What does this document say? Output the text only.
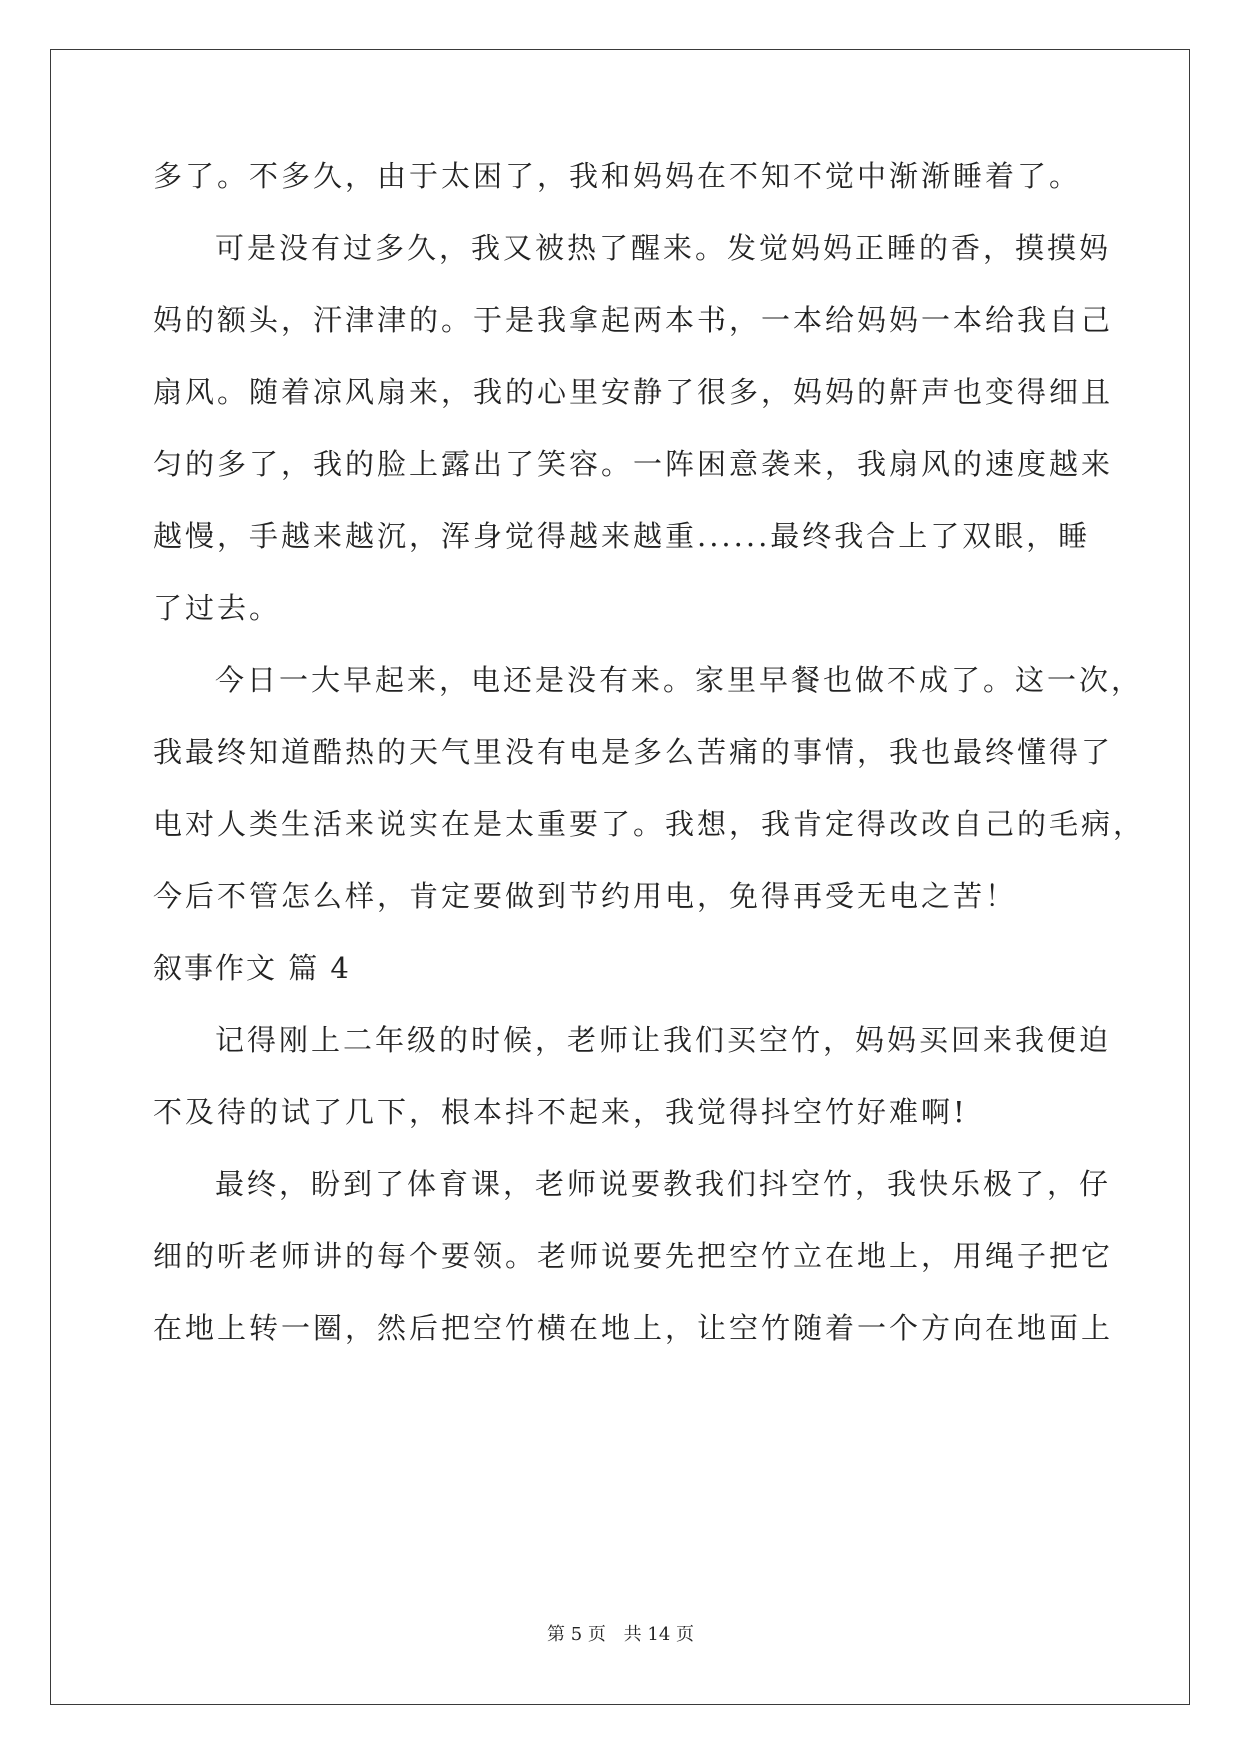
多了。不多久，由于太困了，我和妈妈在不知不觉中渐渐睡着了。
可是没有过多久，我又被热了醒来。发觉妈妈正睡的香，摸摸妈
妈的额头，汗津津的。于是我拿起两本书，一本给妈妈一本给我自己
扇风。随着凉风扇来，我的心里安静了很多，妈妈的鼾声也变得细且
匀的多了，我的脸上露出了笑容。一阵困意袭来，我扇风的速度越来
越慢，手越来越沉，浑身觉得越来越重......最终我合上了双眼，睡
了过去。
今日一大早起来，电还是没有来。家里早餐也做不成了。这一次，
我最终知道酷热的天气里没有电是多么苦痛的事情，我也最终懂得了
电对人类生活来说实在是太重要了。我想，我肯定得改改自己的毛病，
今后不管怎么样，肯定要做到节约用电，免得再受无电之苦！
叙事作文 篇 4
记得刚上二年级的时候，老师让我们买空竹，妈妈买回来我便迫
不及待的试了几下，根本抖不起来，我觉得抖空竹好难啊!
最终，盼到了体育课，老师说要教我们抖空竹，我快乐极了，仔
细的听老师讲的每个要领。老师说要先把空竹立在地上，用绳子把它
在地上转一圈，然后把空竹横在地上，让空竹随着一个方向在地面上
第 5 页 共 14 页
